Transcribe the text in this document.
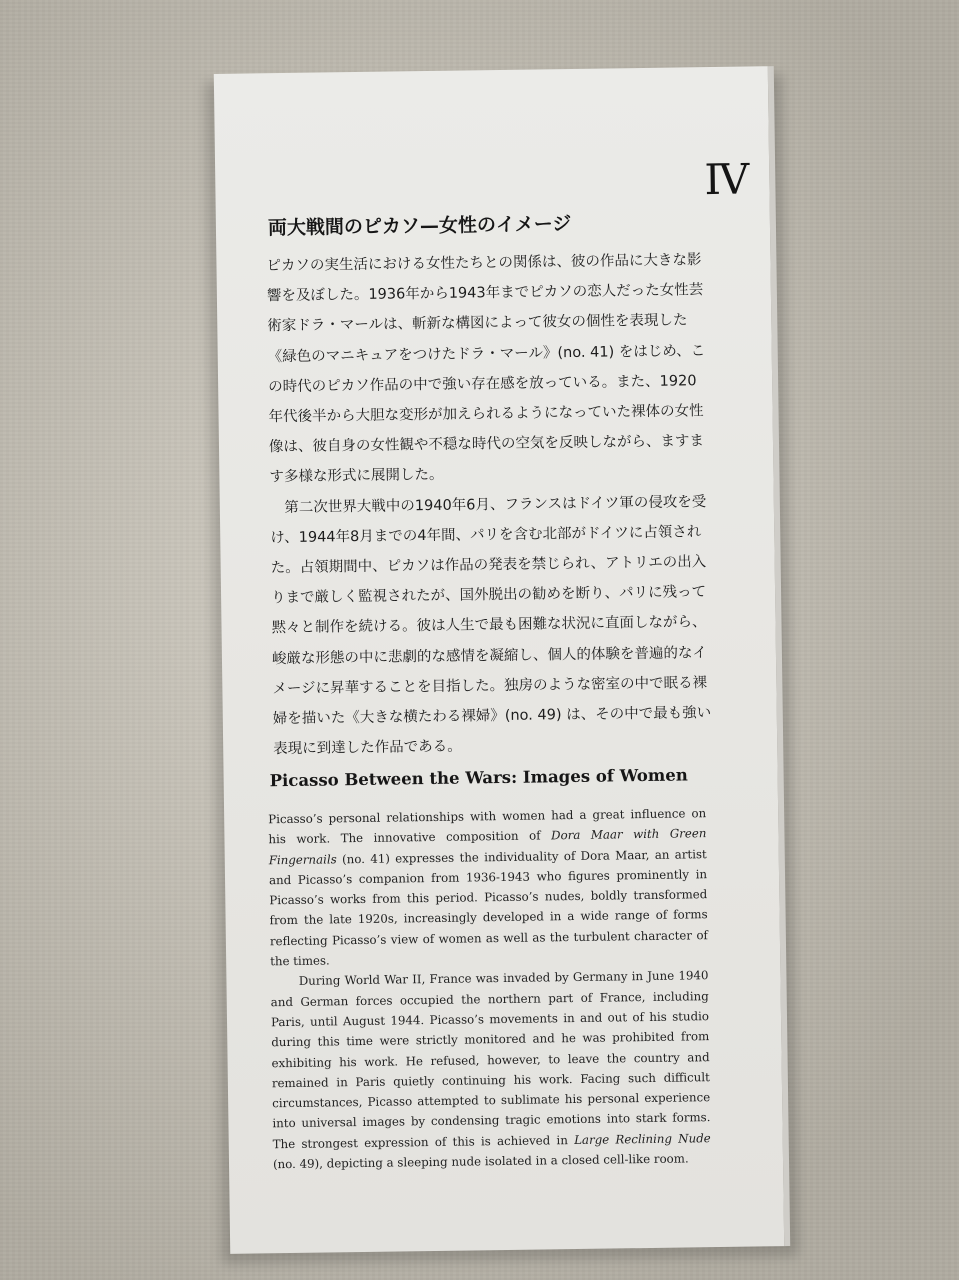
IV
両大戦間のピカソ—女性のイメージ

ピカソの実生活における女性たちとの関係は、彼の作品に大きな影響を及ぼした。1936年から1943年までピカソの恋人だった女性芸術家ドラ・マールは、斬新な構図によって彼女の個性を表現した《緑色のマニキュアをつけたドラ・マール》(no. 41) をはじめ、この時代のピカソ作品の中で強い存在感を放っている。また、1920年代後半から大胆な変形が加えられるようになっていた裸体の女性像は、彼自身の女性観や不穏な時代の空気を反映しながら、ますます多様な形式に展開した。

第二次世界大戦中の1940年6月、フランスはドイツ軍の侵攻を受け、1944年8月までの4年間、パリを含む北部がドイツに占領された。占領期間中、ピカソは作品の発表を禁じられ、アトリエの出入りまで厳しく監視されたが、国外脱出の勧めを断り、パリに残って黙々と制作を続ける。彼は人生で最も困難な状況に直面しながら、峻厳な形態の中に悲劇的な感情を凝縮し、個人的体験を普遍的なイメージに昇華することを目指した。独房のような密室の中で眠る裸婦を描いた《大きな横たわる裸婦》(no. 49) は、その中で最も強い表現に到達した作品である。

Picasso Between the Wars: Images of Women

Picasso’s personal relationships with women had a great influence on his work. The innovative composition of Dora Maar with Green Fingernails (no. 41) expresses the individuality of Dora Maar, an artist and Picasso’s companion from 1936-1943 who figures prominently in Picasso’s works from this period. Picasso’s nudes, boldly transformed from the late 1920s, increasingly developed in a wide range of forms reflecting Picasso’s view of women as well as the turbulent character of the times.

During World War II, France was invaded by Germany in June 1940 and German forces occupied the northern part of France, including Paris, until August 1944. Picasso’s movements in and out of his studio during this time were strictly monitored and he was prohibited from exhibiting his work. He refused, however, to leave the country and remained in Paris quietly continuing his work. Facing such difficult circumstances, Picasso attempted to sublimate his personal experience into universal images by condensing tragic emotions into stark forms. The strongest expression of this is achieved in Large Reclining Nude (no. 49), depicting a sleeping nude isolated in a closed cell-like room.
